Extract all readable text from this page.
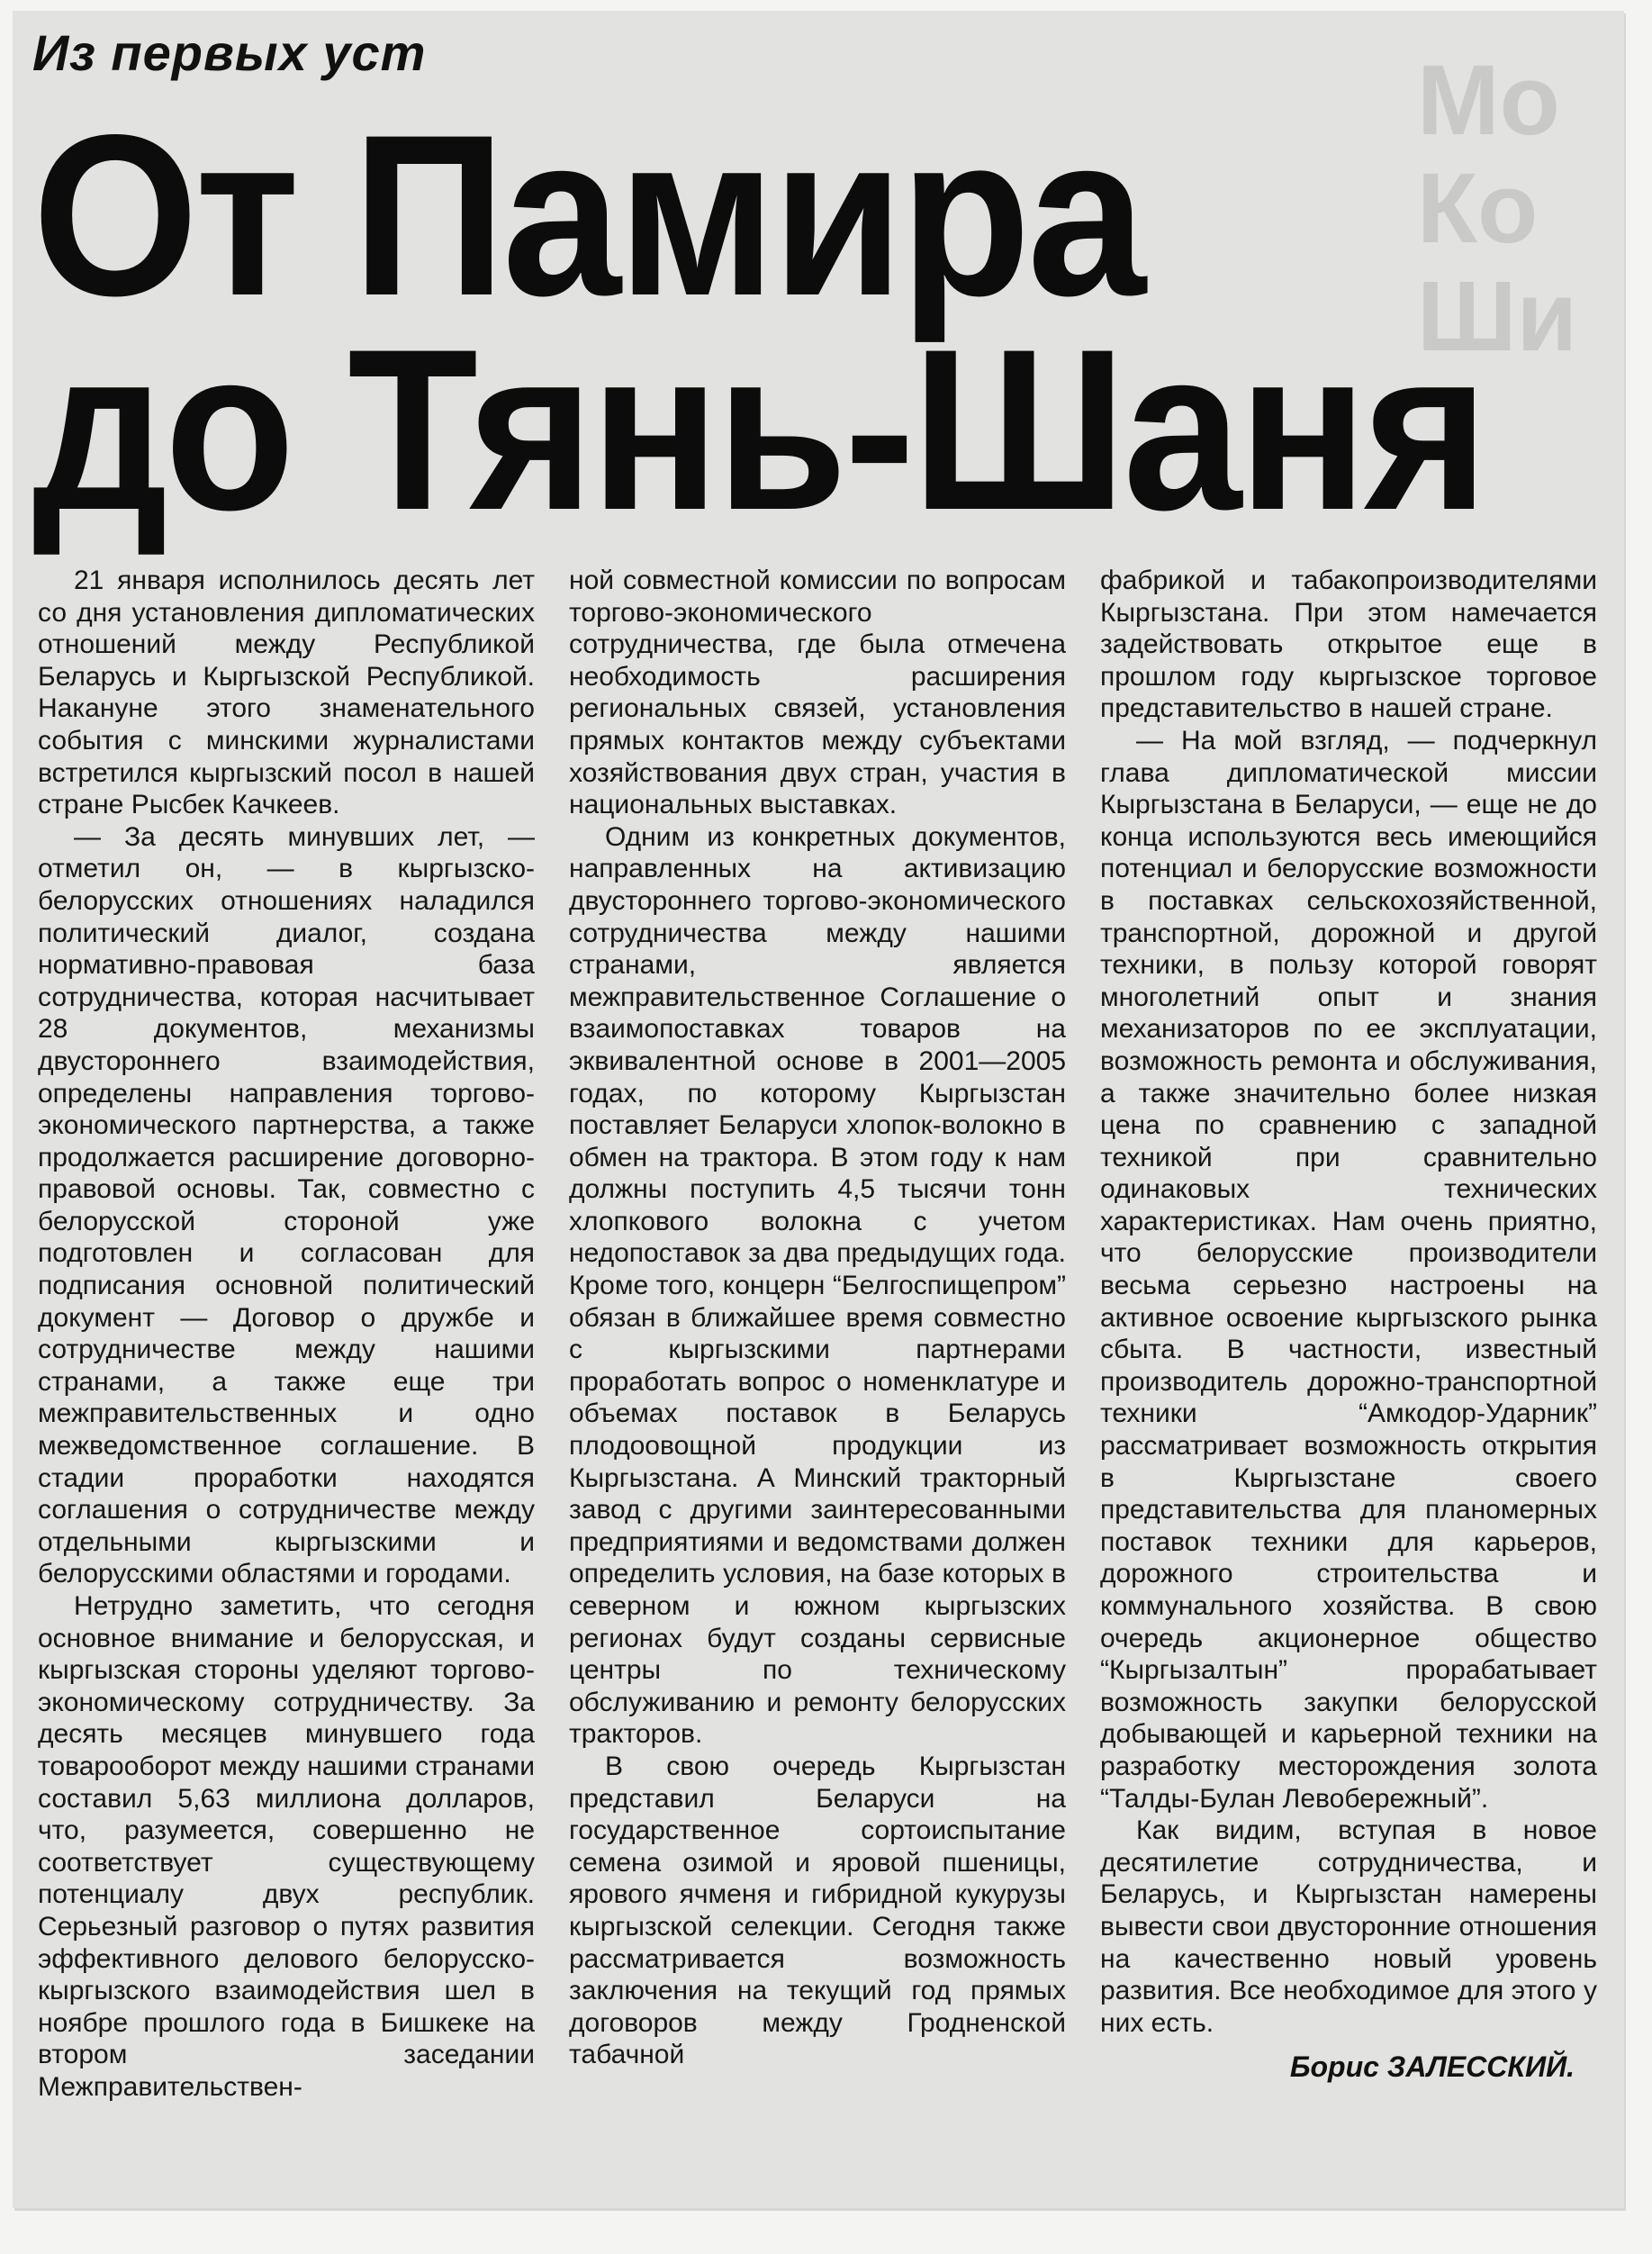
Mo
Ко
Ши
Из первых уст
От Памира
до Тянь-Шаня

21 января исполнилось десять лет со дня установления дипломатических отношений между Республикой Беларусь и Кыргызской Республикой. Накануне этого знаменательного события с минскими журналистами встретился кыргызский посол в нашей стране Рысбек Качкеев.

— За десять минувших лет, — отметил он, — в кыргызско-белорусских отношениях наладился политический диалог, создана нормативно-правовая база сотрудничества, которая насчитывает 28 документов, механизмы двустороннего взаимодействия, определены направления торгово-экономического партнерства, а также продолжается расширение договорно-правовой основы. Так, совместно с белорусской стороной уже подготовлен и согласован для подписания основной политический документ — Договор о дружбе и сотрудничестве между нашими странами, а также еще три межправительственных и одно межведомственное соглашение. В стадии проработки находятся соглашения о сотрудничестве между отдельными кыргызскими и белорусскими областями и городами.

Нетрудно заметить, что сегодня основное внимание и белорусская, и кыргызская стороны уделяют торгово-экономическому сотрудничеству. За десять месяцев минувшего года товарооборот между нашими странами составил 5,63 миллиона долларов, что, разумеется, совершенно не соответствует существующему потенциалу двух республик. Серьезный разговор о путях развития эффективного делового белорусско-кыргызского взаимодействия шел в ноябре прошлого года в Бишкеке на втором заседании Межправительствен-

ной совместной комиссии по вопросам торгово-экономического сотрудничества, где была отмечена необходимость расширения региональных связей, установления прямых контактов между субъектами хозяйствования двух стран, участия в национальных выставках.

Одним из конкретных документов, направленных на активизацию двустороннего торгово-экономического сотрудничества между нашими странами, является межправительственное Соглашение о взаимопоставках товаров на эквивалентной основе в 2001—2005 годах, по которому Кыргызстан поставляет Беларуси хлопок-волокно в обмен на трактора. В этом году к нам должны поступить 4,5 тысячи тонн хлопкового волокна с учетом недопоставок за два предыдущих года. Кроме того, концерн “Белгоспищепром” обязан в ближайшее время совместно с кыргызскими партнерами проработать вопрос о номенклатуре и объемах поставок в Беларусь плодоовощной продукции из Кыргызстана. А Минский тракторный завод с другими заинтересованными предприятиями и ведомствами должен определить условия, на базе которых в северном и южном кыргызских регионах будут созданы сервисные центры по техническому обслуживанию и ремонту белорусских тракторов.

В свою очередь Кыргызстан представил Беларуси на государственное сортоиспытание семена озимой и яровой пшеницы, ярового ячменя и гибридной кукурузы кыргызской селекции. Сегодня также рассматривается возможность заключения на текущий год прямых договоров между Гродненской табачной

фабрикой и табакопроизводителями Кыргызстана. При этом намечается задействовать открытое еще в прошлом году кыргызское торговое представительство в нашей стране.

— На мой взгляд, — подчеркнул глава дипломатической миссии Кыргызстана в Беларуси, — еще не до конца используются весь имеющийся потенциал и белорусские возможности в поставках сельскохозяйственной, транспортной, дорожной и другой техники, в пользу которой говорят многолетний опыт и знания механизаторов по ее эксплуатации, возможность ремонта и обслуживания, а также значительно более низкая цена по сравнению с западной техникой при сравнительно одинаковых технических характеристиках. Нам очень приятно, что белорусские производители весьма серьезно настроены на активное освоение кыргызского рынка сбыта. В частности, известный производитель дорожно-транспортной техники “Амкодор-Ударник” рассматривает возможность открытия в Кыргызстане своего представительства для планомерных поставок техники для карьеров, дорожного строительства и коммунального хозяйства. В свою очередь акционерное общество “Кыргызалтын” прорабатывает возможность закупки белорусской добывающей и карьерной техники на разработку месторождения золота “Талды-Булан Левобережный”.

Как видим, вступая в новое десятилетие сотрудничества, и Беларусь, и Кыргызстан намерены вывести свои двусторонние отношения на качественно новый уровень развития. Все необходимое для этого у них есть.

Борис ЗАЛЕССКИЙ.
